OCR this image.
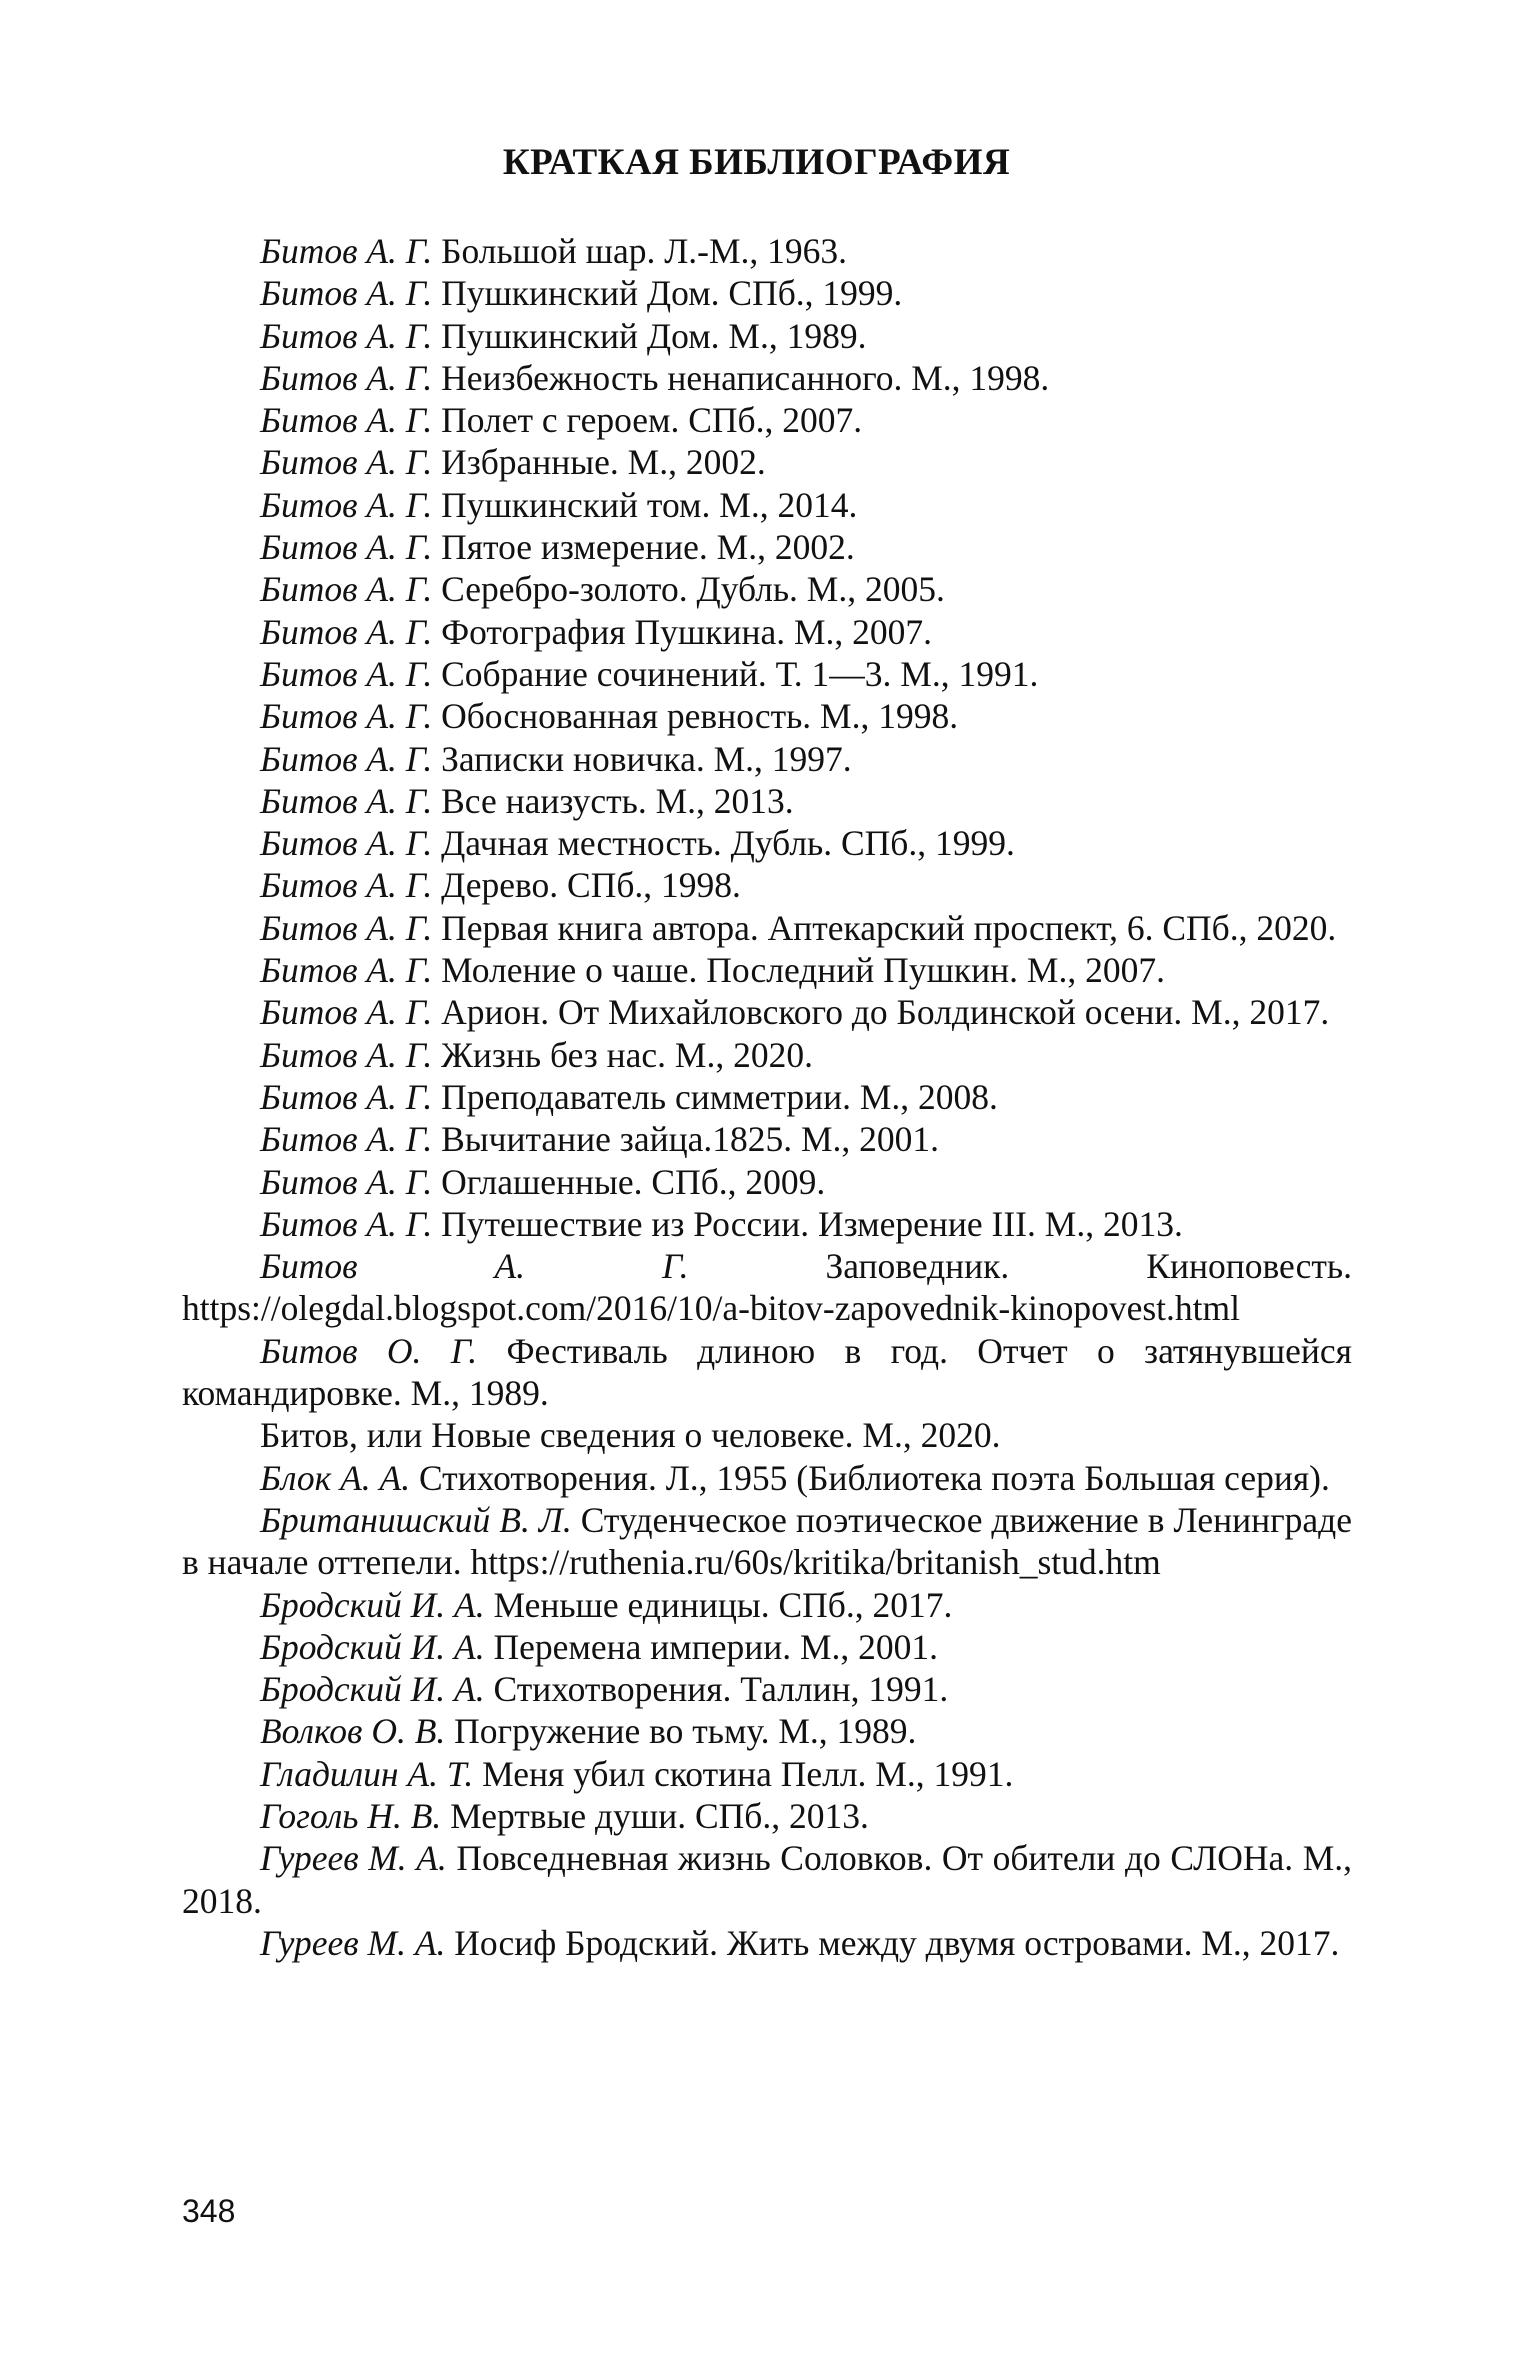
КРАТКАЯ БИБЛИОГРАФИЯ

Битов А. Г. Большой шар. Л.-М., 1963.

Битов А. Г. Пушкинский Дом. СПб., 1999.

Битов А. Г. Пушкинский Дом. М., 1989.

Битов А. Г. Неизбежность ненаписанного. М., 1998.

Битов А. Г. Полет с героем. СПб., 2007.

Битов А. Г. Избранные. М., 2002.

Битов А. Г. Пушкинский том. М., 2014.

Битов А. Г. Пятое измерение. М., 2002.

Битов А. Г. Серебро-золото. Дубль. М., 2005.

Битов А. Г. Фотография Пушкина. М., 2007.

Битов А. Г. Собрание сочинений. Т. 1—3. М., 1991.

Битов А. Г. Обоснованная ревность. М., 1998.

Битов А. Г. Записки новичка. М., 1997.

Битов А. Г. Все наизусть. М., 2013.

Битов А. Г. Дачная местность. Дубль. СПб., 1999.

Битов А. Г. Дерево. СПб., 1998.

Битов А. Г. Первая книга автора. Аптекарский проспект, 6. СПб., 2020.

Битов А. Г. Моление о чаше. Последний Пушкин. М., 2007.

Битов А. Г. Арион. От Михайловского до Болдинской осени. М., 2017.

Битов А. Г. Жизнь без нас. М., 2020.

Битов А. Г. Преподаватель симметрии. М., 2008.

Битов А. Г. Вычитание зайца.1825. М., 2001.

Битов А. Г. Оглашенные. СПб., 2009.

Битов А. Г. Путешествие из России. Измерение III. М., 2013.

Битов А. Г. Заповедник. Киноповесть. https://olegdal.blogspot.com/2016/10/a-bitov-zapovednik-kinopovest.html

Битов О. Г. Фестиваль длиною в год. Отчет о затянувшейся командировке. М., 1989.

Битов, или Новые сведения о человеке. М., 2020.

Блок А. А. Стихотворения. Л., 1955 (Библиотека поэта Большая серия).

Британишский В. Л. Студенческое поэтическое движение в Ленинграде в начале оттепели. https://ruthenia.ru/60s/kritika/britanish_stud.htm

Бродский И. А. Меньше единицы. СПб., 2017.

Бродский И. А. Перемена империи. М., 2001.

Бродский И. А. Стихотворения. Таллин, 1991.

Волков О. В. Погружение во тьму. М., 1989.

Гладилин А. Т. Меня убил скотина Пелл. М., 1991.

Гоголь Н. В. Мертвые души. СПб., 2013.

Гуреев М. А. Повседневная жизнь Соловков. От обители до СЛОНа. М., 2018.

Гуреев М. А. Иосиф Бродский. Жить между двумя островами. М., 2017.

348
